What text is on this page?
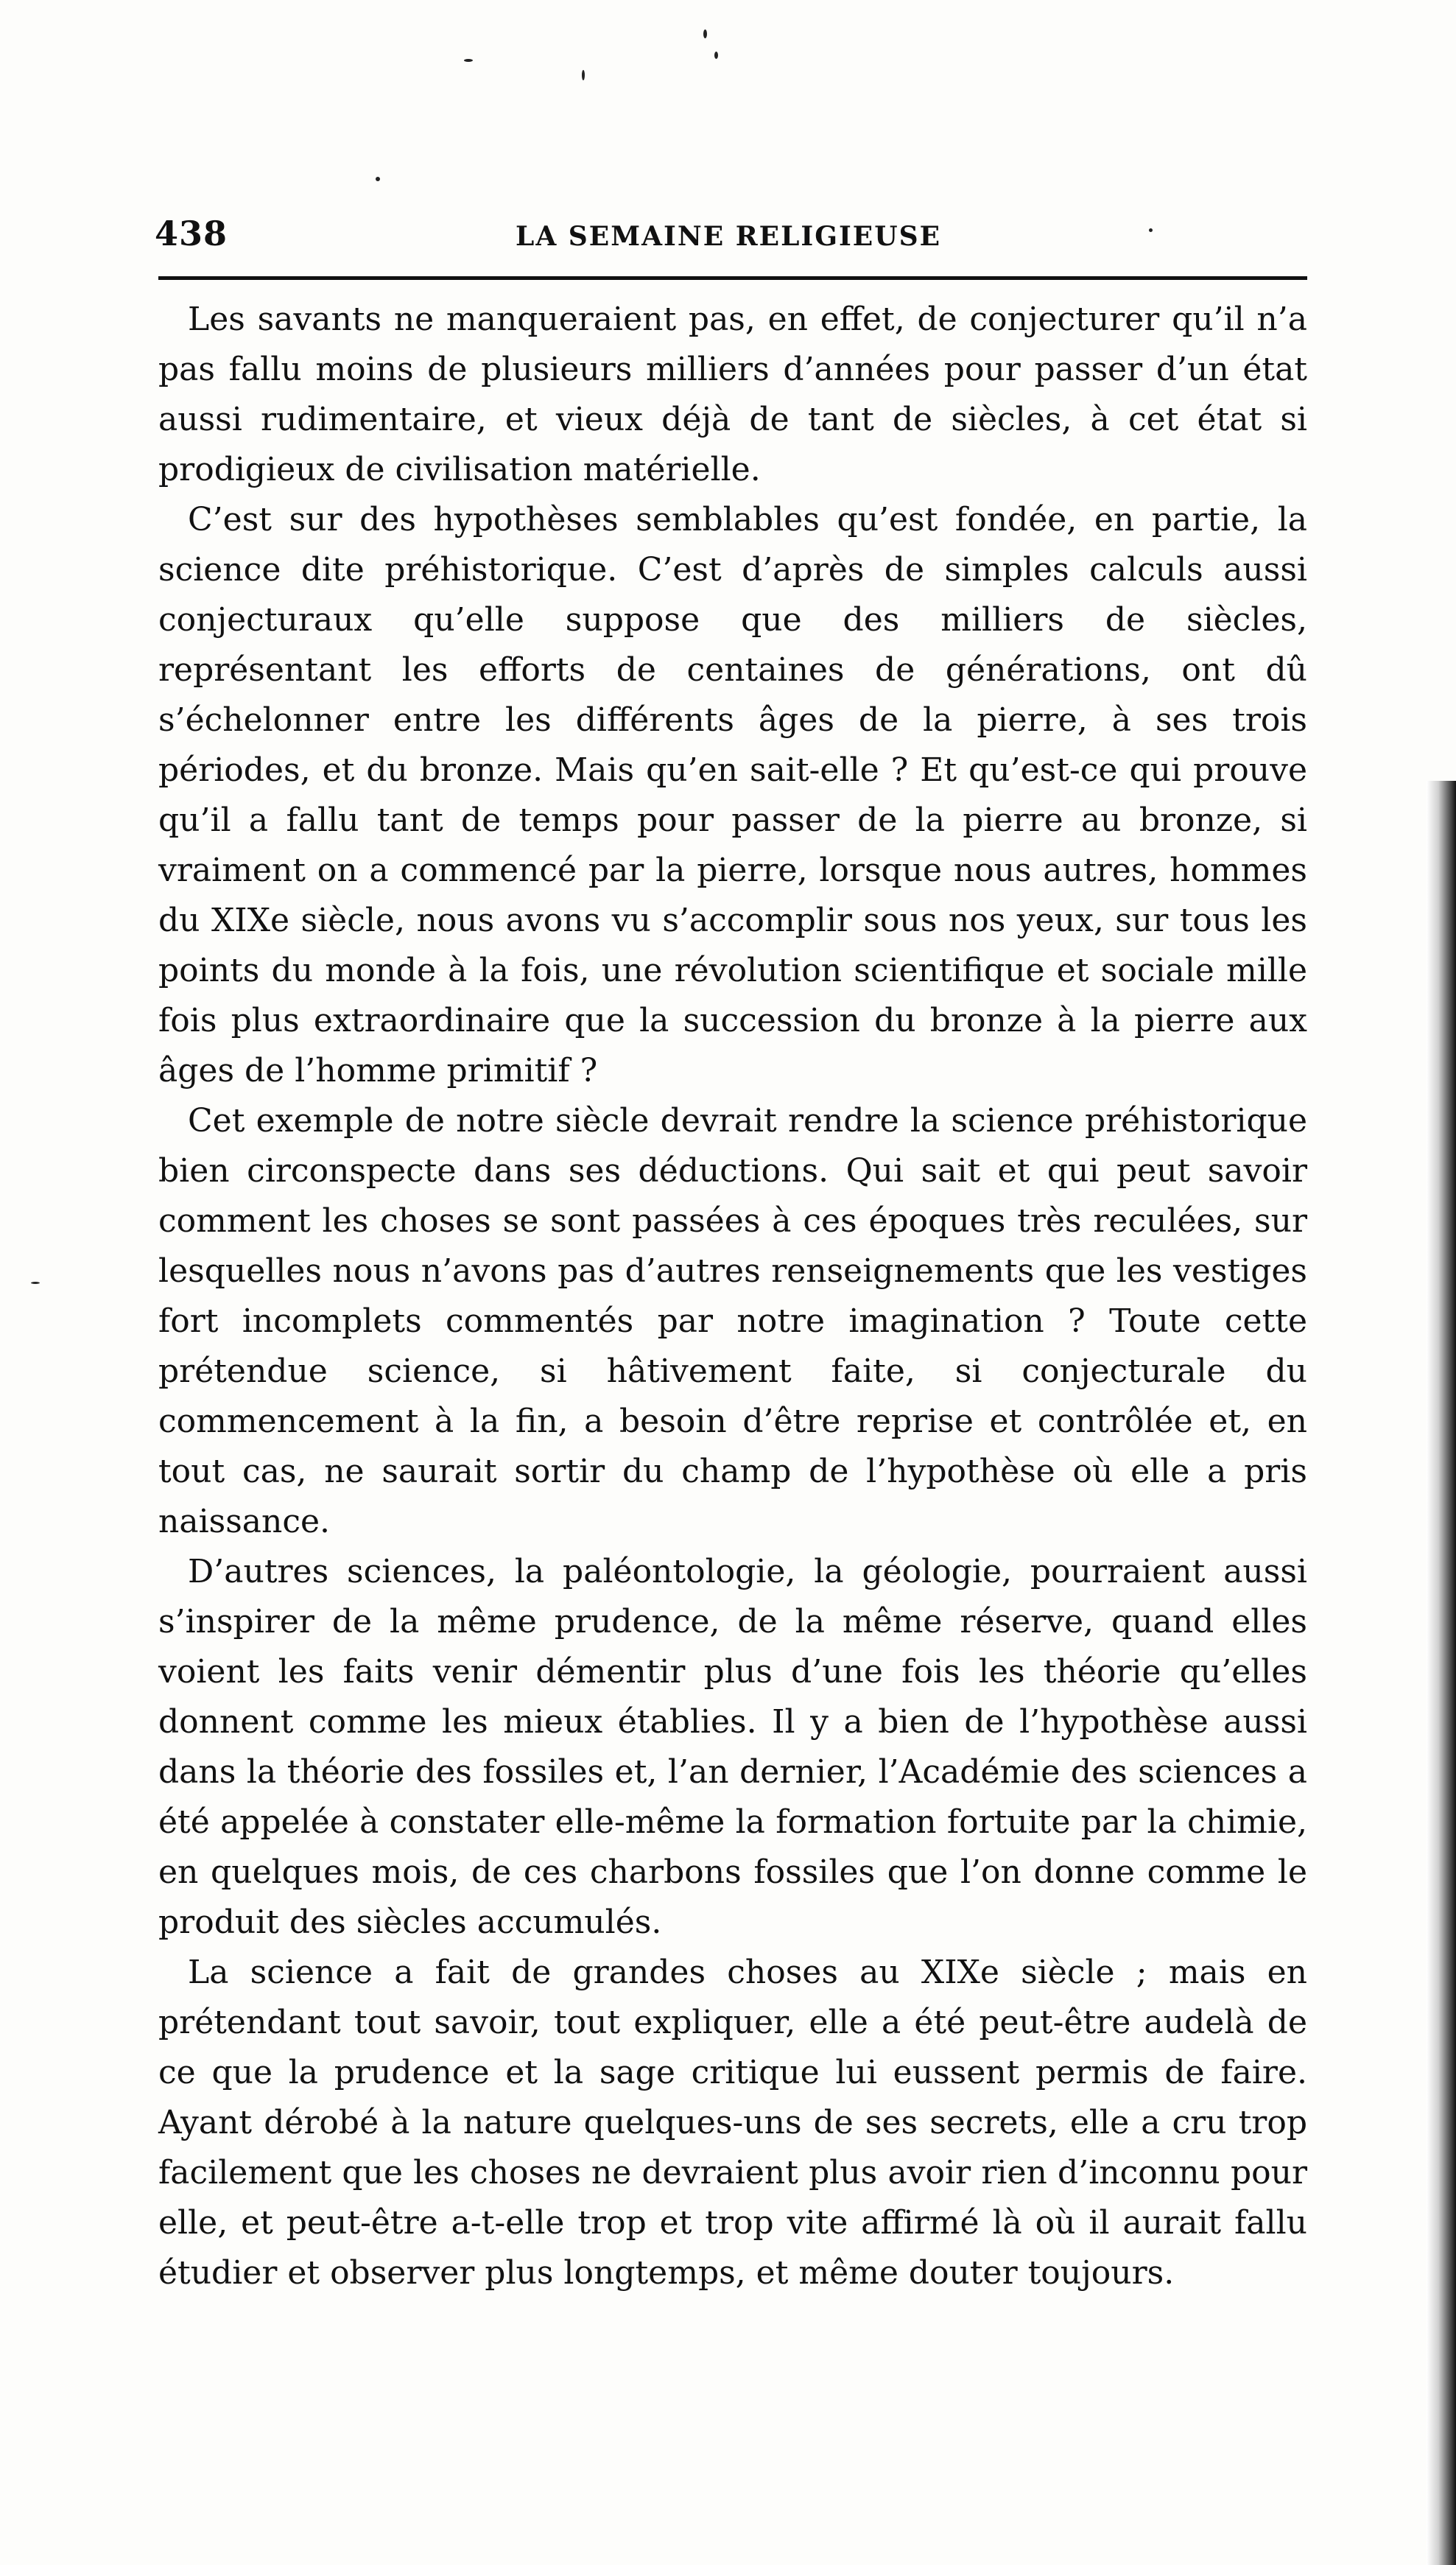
438	LA SEMAINE RELIGIEUSE

Les savants ne manqueraient pas, en effet, de conjecturer qu’il n’a pas fallu moins de plusieurs milliers d’années pour passer d’un état aussi rudimentaire, et vieux déjà de tant de siècles, à cet état si prodigieux de civilisation matérielle.

C’est sur des hypothèses semblables qu’est fondée, en partie, la science dite préhistorique. C’est d’après de simples calculs aussi conjecturaux qu’elle suppose que des milliers de siècles, représentant les efforts de centaines de générations, ont dû s’échelonner entre les différents âges de la pierre, à ses trois périodes, et du bronze. Mais qu’en sait-elle ? Et qu’est-ce qui prouve qu’il a fallu tant de temps pour passer de la pierre au bronze, si vraiment on a commencé par la pierre, lorsque nous autres, hommes du XIXe siècle, nous avons vu s’accomplir sous nos yeux, sur tous les points du monde à la fois, une révolution scientifique et sociale mille fois plus extraordinaire que la succession du bronze à la pierre aux âges de l’homme primitif ?

Cet exemple de notre siècle devrait rendre la science préhistorique bien circonspecte dans ses déductions. Qui sait et qui peut savoir comment les choses se sont passées à ces époques très reculées, sur lesquelles nous n’avons pas d’autres renseignements que les vestiges fort incomplets commentés par notre imagination ? Toute cette prétendue science, si hâtivement faite, si conjecturale du commencement à la fin, a besoin d’être reprise et contrôlée et, en tout cas, ne saurait sortir du champ de l’hypothèse où elle a pris naissance.

D’autres sciences, la paléontologie, la géologie, pourraient aussi s’inspirer de la même prudence, de la même réserve, quand elles voient les faits venir démentir plus d’une fois les théorie qu’elles donnent comme les mieux établies. Il y a bien de l’hypothèse aussi dans la théorie des fossiles et, l’an dernier, l’Académie des sciences a été appelée à constater elle-même la formation fortuite par la chimie, en quelques mois, de ces charbons fossiles que l’on donne comme le produit des siècles accumulés.

La science a fait de grandes choses au XIXe siècle ; mais en prétendant tout savoir, tout expliquer, elle a été peut-être audelà de ce que la prudence et la sage critique lui eussent permis de faire. Ayant dérobé à la nature quelques-uns de ses secrets, elle a cru trop facilement que les choses ne devraient plus avoir rien d’inconnu pour elle, et peut-être a-t-elle trop et trop vite affirmé là où il aurait fallu étudier et observer plus longtemps, et même douter toujours.
